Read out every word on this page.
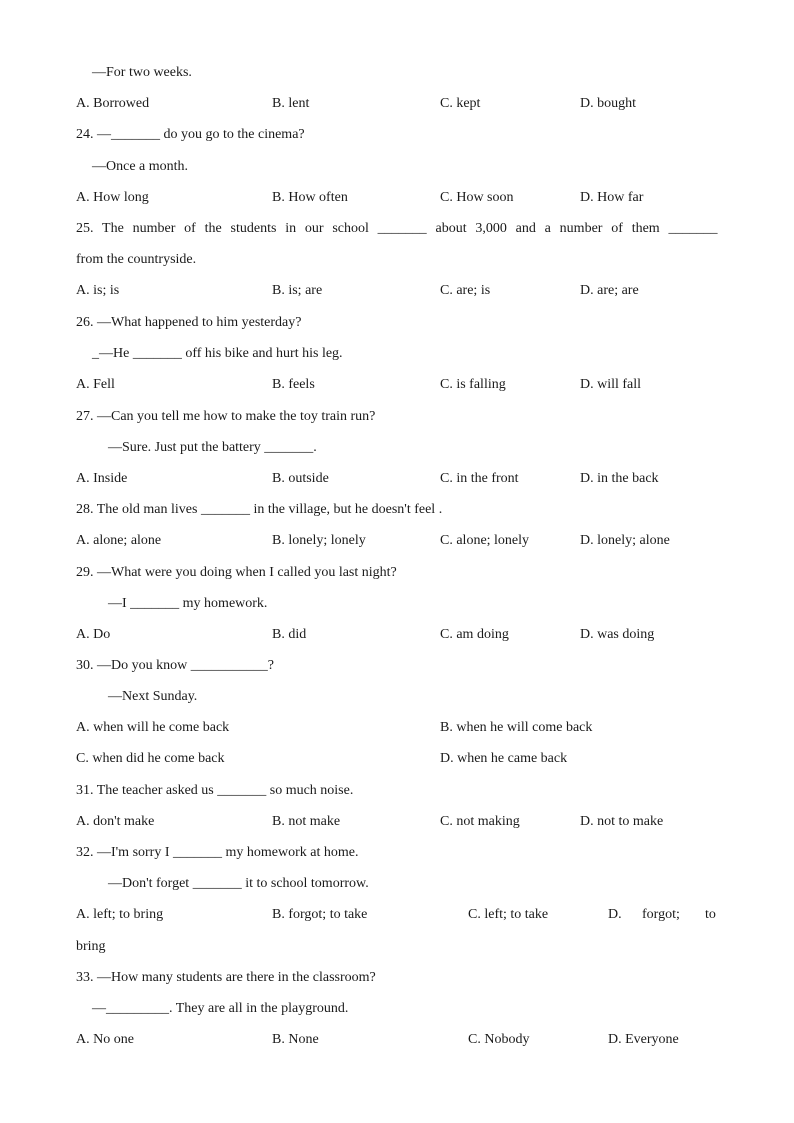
—For two weeks.
A. Borrowed	B. lent	C. kept	D. bought
24. —_______ do you go to the cinema?
—Once a month.
A. How long	B. How often	C. How soon	D. How far
25. The number of the students in our school _______ about 3,000 and a number of them _______
from the countryside.
A. is; is	B. is; are	C. are; is	D. are; are
26. —What happened to him yesterday?
_—He _______ off his bike and hurt his leg.
A. Fell	B. feels	C. is falling	D. will fall
27. —Can you tell me how to make the toy train run?
—Sure. Just put the battery _______.
A. Inside	B. outside	C. in the front	D. in the back
28. The old man lives _______ in the village, but he doesn't feel .
A. alone; alone	B. lonely; lonely	C. alone; lonely	D. lonely; alone
29. —What were you doing when I called you last night?
—I _______ my homework.
A. Do	B. did	C. am doing	D. was doing
30. —Do you know ___________?
—Next Sunday.
A. when will he come back	B. when he will come back
C. when did he come back	D. when he came back
31. The teacher asked us _______ so much noise.
A. don't make	B. not make	C. not making	D. not to make
32. —I'm sorry I _______ my homework at home.
—Don't forget _______ it to school tomorrow.
A. left; to bring	B. forgot; to take	C. left; to take	D. forgot; to
bring
33. —How many students are there in the classroom?
—_________. They are all in the playground.
A. No one	B. None	C. Nobody	D. Everyone
